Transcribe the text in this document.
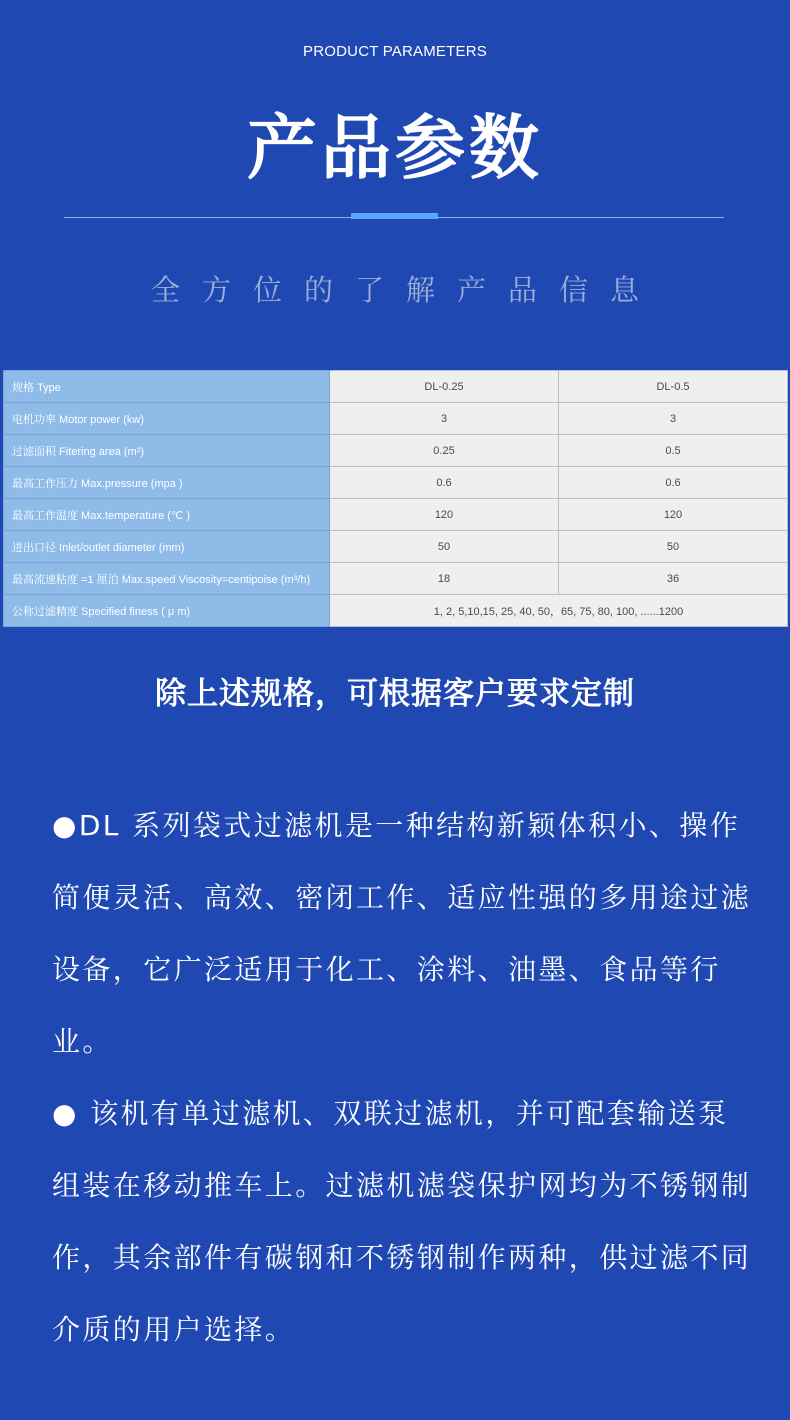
PRODUCT PARAMETERS
产品参数
全方位的了解产品信息
规格 Type	DL-0.25	DL-0.5
电机功率 Motor power (kw)	3	3
过滤面积 Fitering area (m²)	0.25	0.5
最高工作压力 Max.pressure (mpa )	0.6	0.6
最高工作温度 Max.temperature (℃ )	120	120
进出口径 Inlet/outlet diameter (mm)	50	50
最高流速粘度 =1 厘泊 Max.speed Viscosity=centipoise (m³/h)	18	36
公称过滤精度 Specified finess ( μ m)	1, 2, 5,10,15, 25, 40, 50，65, 75, 80, 100, ......1200	
除上述规格，可根据客户要求定制

●DL 系列袋式过滤机是一种结构新颖体积小、操作简便灵活、高效、密闭工作、适应性强的多用途过滤设备，它广泛适用于化工、涂料、油墨、食品等行业。

● 该机有单过滤机、双联过滤机，并可配套输送泵组装在移动推车上。过滤机滤袋保护网均为不锈钢制作，其余部件有碳钢和不锈钢制作两种，供过滤不同介质的用户选择。
